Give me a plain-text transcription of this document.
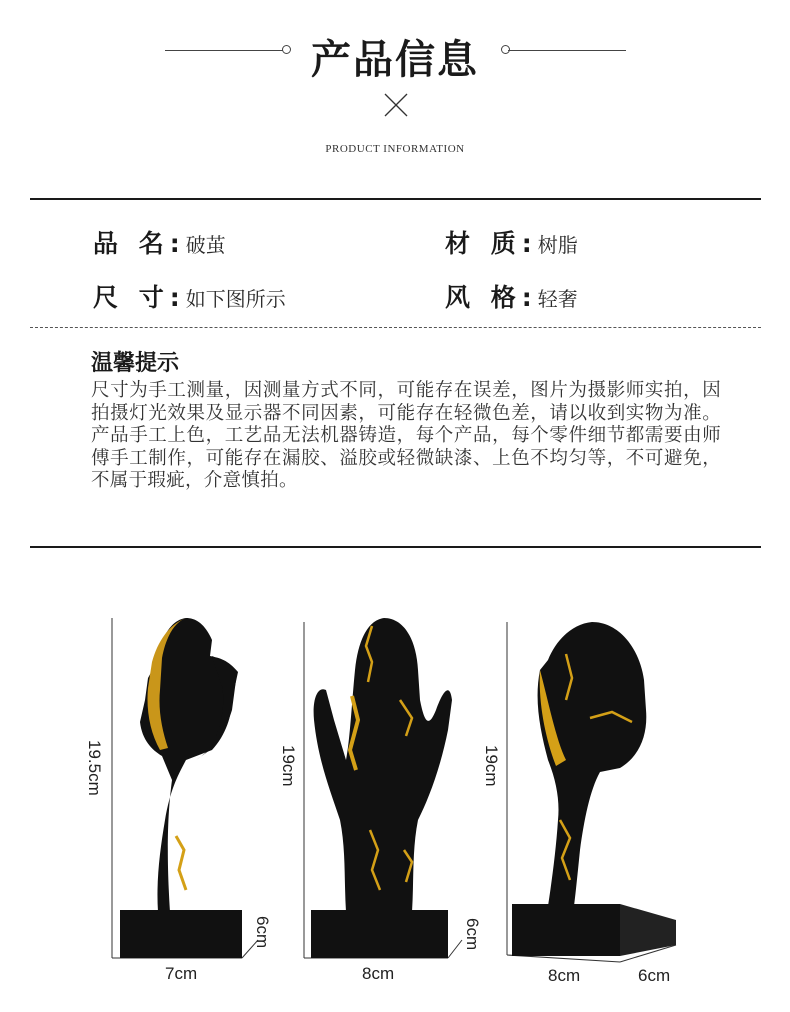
产品信息
PRODUCT INFORMATION
品 名: 破茧	材 质: 树脂
尺 寸: 如下图所示	风 格: 轻奢
温馨提示
尺寸为手工测量，因测量方式不同，可能存在误差，图片为摄影师实拍，因拍摄灯光效果及显示器不同因素，可能存在轻微色差，请以收到实物为准。产品手工上色，工艺品无法机器铸造，每个产品，每个零件细节都需要由师傅手工制作，可能存在漏胶、溢胶或轻微缺漆、上色不均匀等，不可避免，不属于瑕疵，介意慎拍。
19.5cm
7cm
6cm
19cm
8cm
6cm
19cm
8cm	6cm
